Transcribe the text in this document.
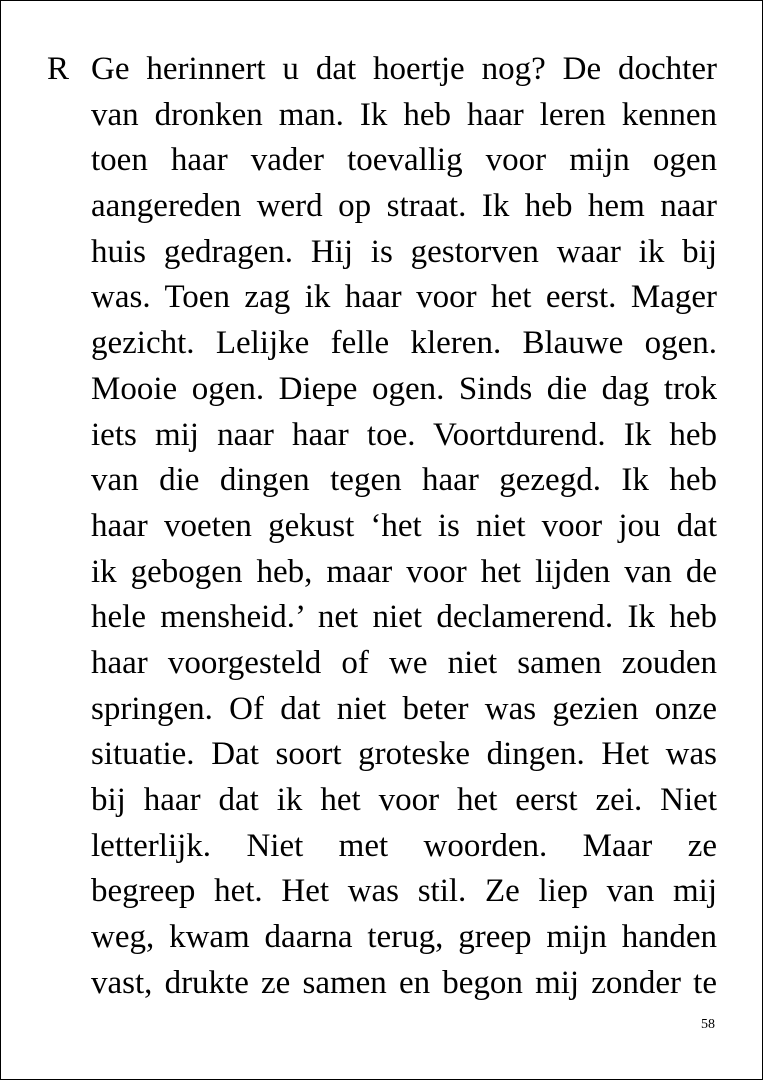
R Ge herinnert u dat hoertje nog? De dochter
van dronken man. Ik heb haar leren kennen
toen haar vader toevallig voor mijn ogen
aangereden werd op straat. Ik heb hem naar
huis gedragen. Hij is gestorven waar ik bij
was. Toen zag ik haar voor het eerst. Mager
gezicht. Lelijke felle kleren. Blauwe ogen.
Mooie ogen. Diepe ogen. Sinds die dag trok
iets mij naar haar toe. Voortdurend. Ik heb
van die dingen tegen haar gezegd. Ik heb
haar voeten gekust ‘het is niet voor jou dat
ik gebogen heb, maar voor het lijden van de
hele mensheid.’ net niet declamerend. Ik heb
haar voorgesteld of we niet samen zouden
springen. Of dat niet beter was gezien onze
situatie. Dat soort groteske dingen. Het was
bij haar dat ik het voor het eerst zei. Niet
letterlijk. Niet met woorden. Maar ze
begreep het. Het was stil. Ze liep van mij
weg, kwam daarna terug, greep mijn handen
vast, drukte ze samen en begon mij zonder te
58
